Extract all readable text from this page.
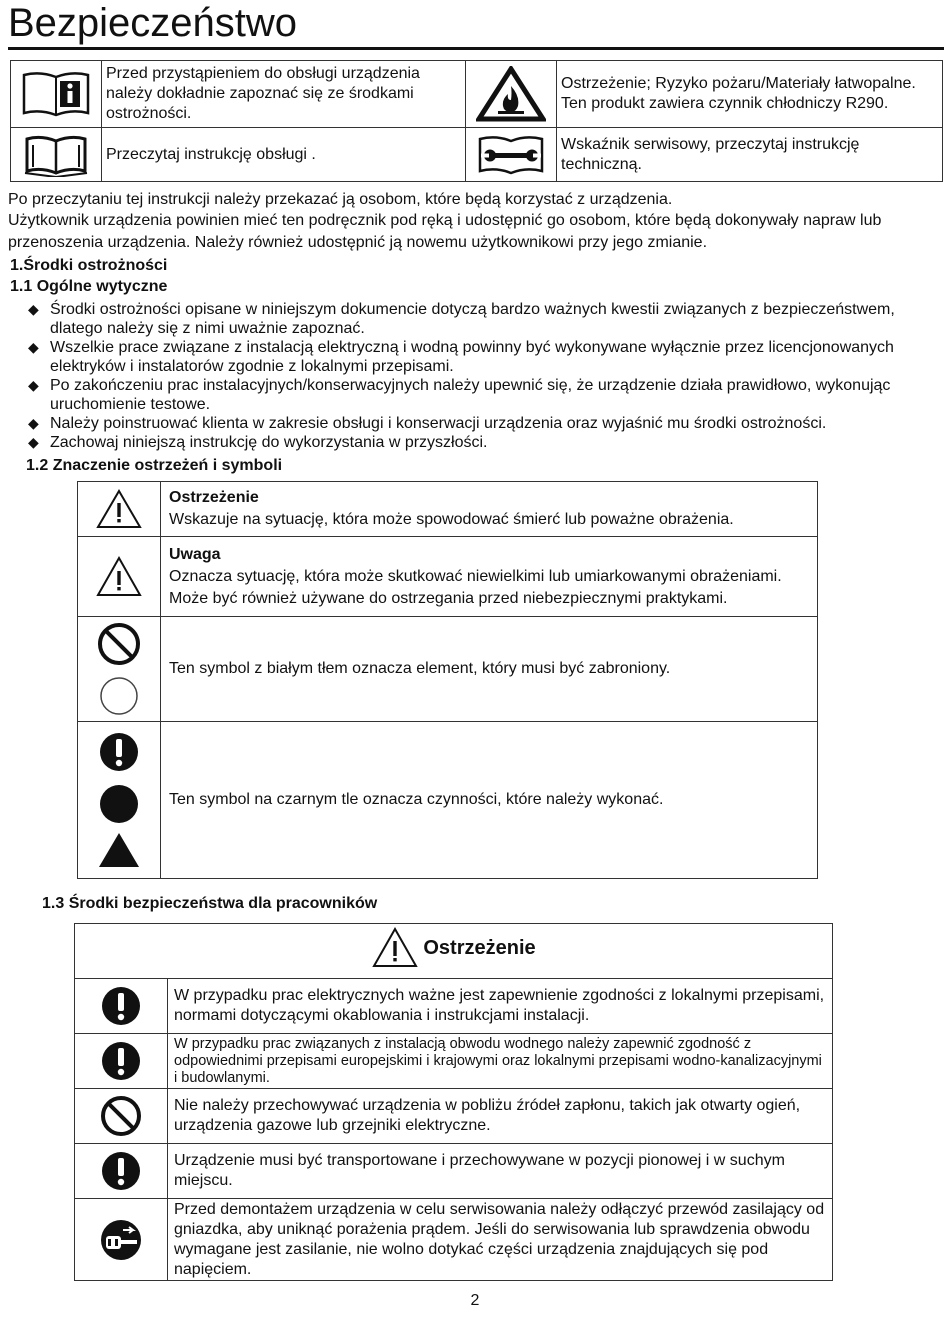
Bezpieczeństwo
	Przed przystąpieniem do obsługi urządzenia należy dokładnie zapoznać się ze środkami ostrożności.		Ostrzeżenie; Ryzyko pożaru/Materiały łatwopalne.
Ten produkt zawiera czynnik chłodniczy R290.

	Przeczytaj instrukcję obsługi .		Wskaźnik serwisowy, przeczytaj instrukcję techniczną.
Po przeczytaniu tej instrukcji należy przekazać ją osobom, które będą korzystać z urządzenia.
Użytkownik urządzenia powinien mieć ten podręcznik pod ręką i udostępnić go osobom, które będą dokonywały napraw lub przenoszenia urządzenia. Należy również udostępnić ją nowemu użytkownikowi przy jego zmianie.
1.Środki ostrożności
1.1 Ogólne wytyczne
◆ Środki ostrożności opisane w niniejszym dokumencie dotyczą bardzo ważnych kwestii związanych z bezpieczeństwem, dlatego należy się z nimi uważnie zapoznać.
◆ Wszelkie prace związane z instalacją elektryczną i wodną powinny być wykonywane wyłącznie przez licencjonowanych elektryków i instalatorów zgodnie z lokalnymi przepisami.
◆ Po zakończeniu prac instalacyjnych/konserwacyjnych należy upewnić się, że urządzenie działa prawidłowo, wykonując uruchomienie testowe.
◆ Należy poinstruować klienta w zakresie obsługi i konserwacji urządzenia oraz wyjaśnić mu środki ostrożności.
◆ Zachowaj niniejszą instrukcję do wykorzystania w przyszłości.
1.2 Znaczenie ostrzeżeń i symboli

Ostrzeżenie
Wskazuje na sytuację, która może spowodować śmierć lub poważne obrażenia.

Uwaga
Oznacza sytuację, która może skutkować niewielkimi lub umiarkowanymi obrażeniami.
Może być również używane do ostrzegania przed niebezpiecznymi praktykami.

	Ten symbol z białym tłem oznacza element, który musi być zabroniony.

	Ten symbol na czarnym tle oznacza czynności, które należy wykonać.
1.3 Środki bezpieczeństwa dla pracowników
Ostrzeżenie	

	W przypadku prac elektrycznych ważne jest zapewnienie zgodności z lokalnymi przepisami, normami dotyczącymi okablowania i instrukcjami instalacji.

	W przypadku prac związanych z instalacją obwodu wodnego należy zapewnić zgodność z odpowiednimi przepisami europejskimi i krajowymi oraz lokalnymi przepisami wodno-kanalizacyjnymi i budowlanymi.

	Nie należy przechowywać urządzenia w pobliżu źródeł zapłonu, takich jak otwarty ogień, urządzenia gazowe lub grzejniki elektryczne.

	Urządzenie musi być transportowane i przechowywane w pozycji pionowej i w suchym miejscu.

	Przed demontażem urządzenia w celu serwisowania należy odłączyć przewód zasilający od gniazdka, aby uniknąć porażenia prądem. Jeśli do serwisowania lub sprawdzenia obwodu wymagane jest zasilanie, nie wolno dotykać części urządzenia znajdujących się pod napięciem.
2
